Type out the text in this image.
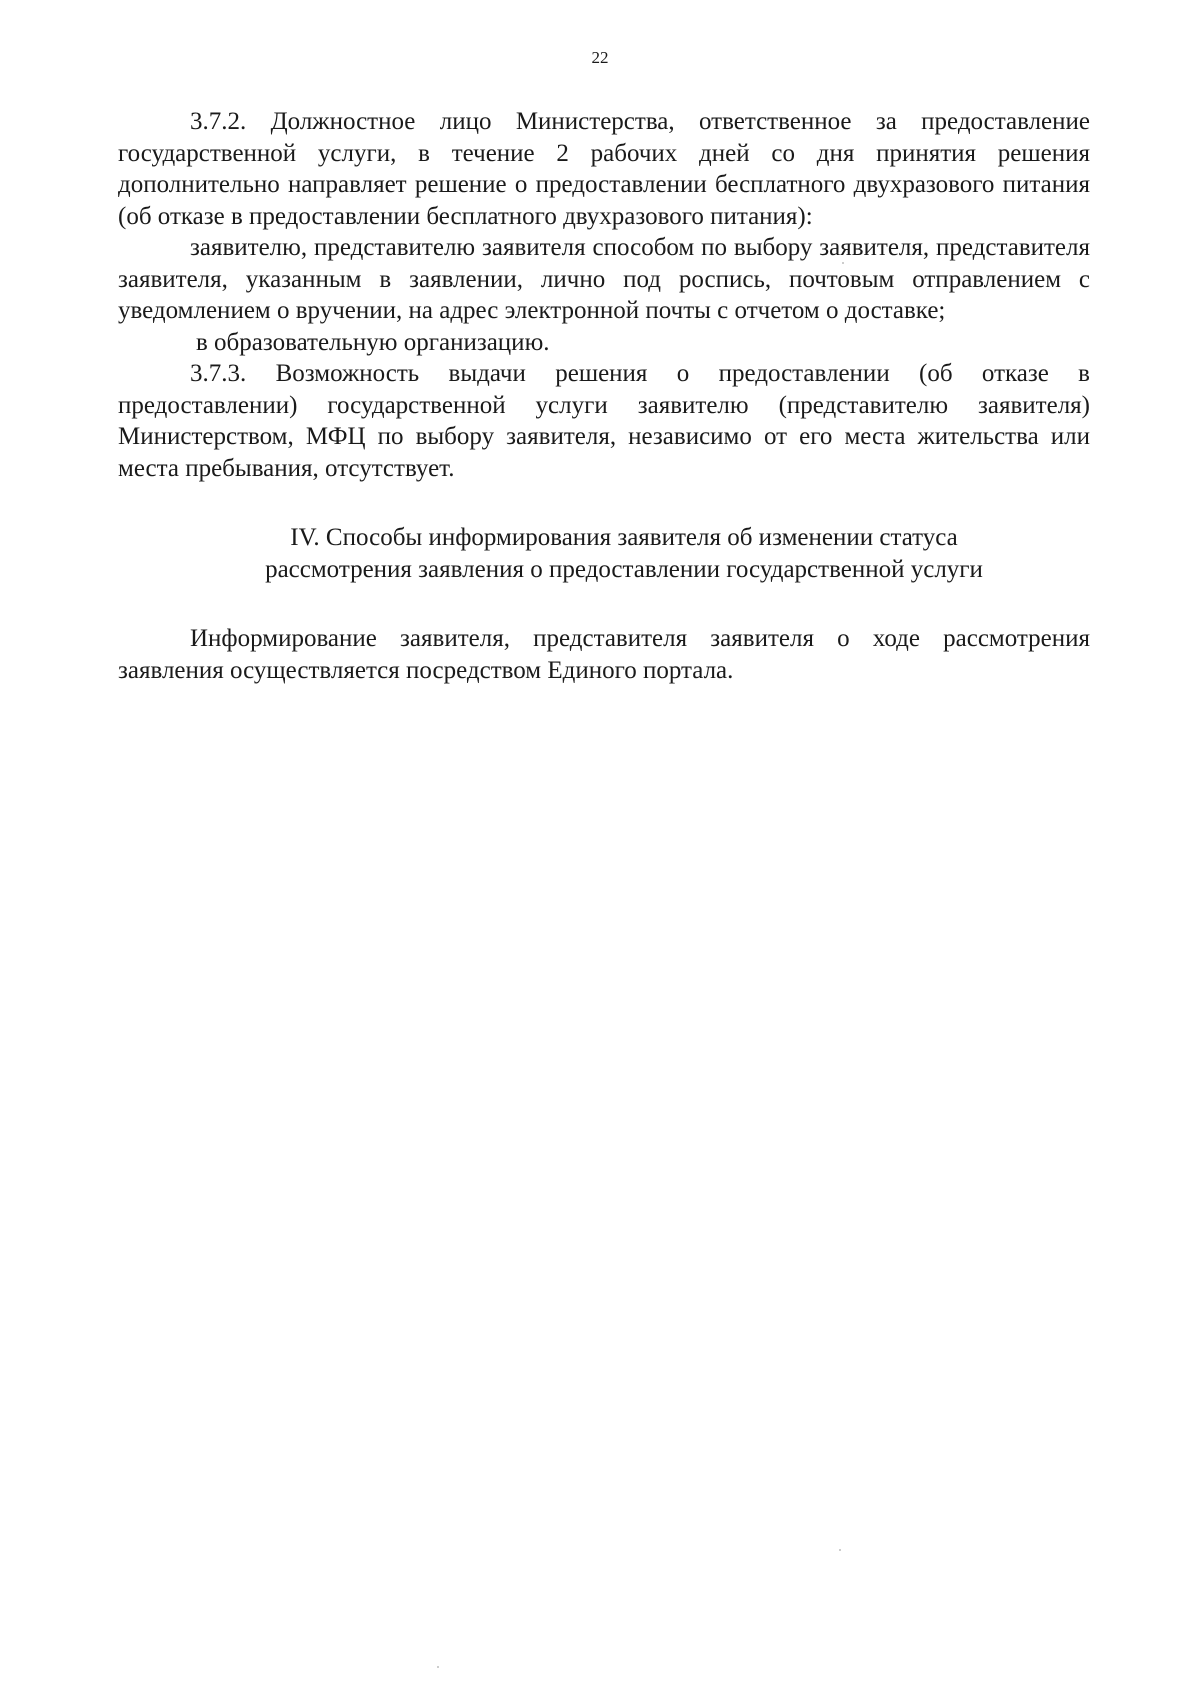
22

3.7.2. Должностное лицо Министерства, ответственное за предоставление государственной услуги, в течение 2 рабочих дней со дня принятия решения дополнительно направляет решение о предоставлении бесплатного двухразового питания (об отказе в предоставлении бесплатного двухразового питания):

заявителю, представителю заявителя способом по выбору заявителя, представителя заявителя, указанным в заявлении, лично под роспись, почтовым отправлением с уведомлением о вручении, на адрес электронной почты с отчетом о доставке;

в образовательную организацию.

3.7.3. Возможность выдачи решения о предоставлении (об отказе в предоставлении) государственной услуги заявителю (представителю заявителя) Министерством, МФЦ по выбору заявителя, независимо от его места жительства или места пребывания, отсутствует.

IV. Способы информирования заявителя об изменении статуса
рассмотрения заявления о предоставлении государственной услуги

Информирование заявителя, представителя заявителя о ходе рассмотрения заявления осуществляется посредством Единого портала.
